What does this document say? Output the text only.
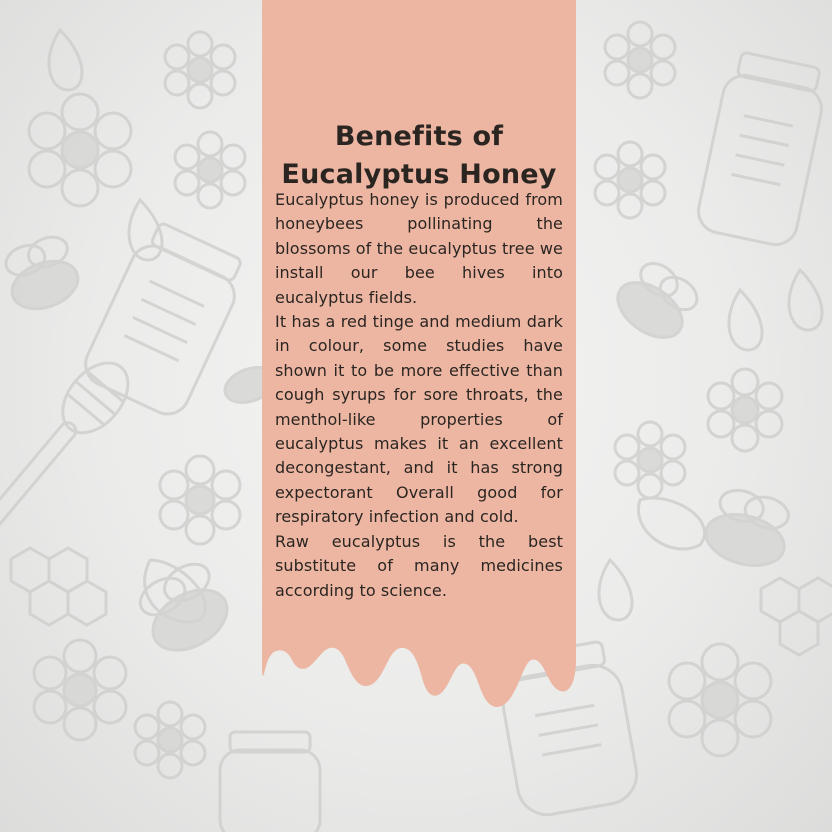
Benefits of
Eucalyptus Honey

Eucalyptus honey is produced from honeybees pollinating the blossoms of the eucalyptus tree we install our bee hives into eucalyptus fields.

It has a red tinge and medium dark in colour, some studies have shown it to be more effective than cough syrups for sore throats, the menthol-like properties of eucalyptus makes it an excellent decongestant, and it has strong expectorant Overall good for respiratory infection and cold.

Raw eucalyptus is the best substitute of many medicines according to science.
